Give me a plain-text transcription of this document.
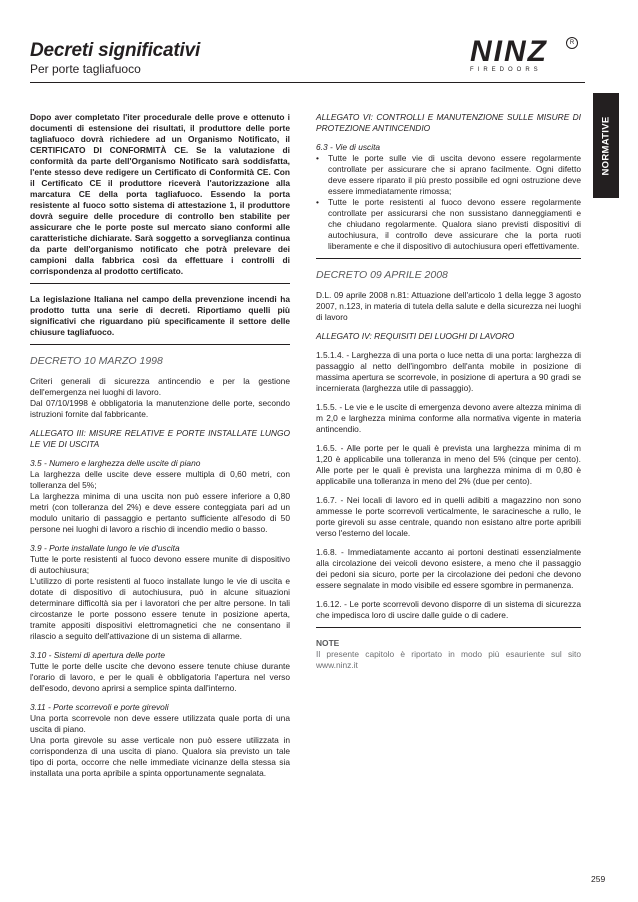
Decreti significativi
Per porte tagliafuoco
NINZ	R
FIREDOORS
NORMATIVE

Dopo aver completato l'iter procedurale delle prove e ottenuto i documenti di estensione dei risultati, il produttore delle porte tagliafuoco dovrà richiedere ad un Organismo Notificato, il CERTIFICATO DI CONFORMITÀ CE. Se la valutazione di conformità da parte dell'Organismo Notificato sarà soddisfatta, l'ente stesso deve redigere un Certificato di Conformità CE. Con il Certificato CE il produttore riceverà l'autorizzazione alla marcatura CE della porta tagliafuoco. Essendo la porta resistente al fuoco sotto sistema di attestazione 1, il produttore dovrà seguire delle procedure di controllo ben stabilite per assicurare che le porte poste sul mercato siano conformi alle caratteristiche dichiarate. Sarà soggetto a sorveglianza continua da parte dell'organismo notificato che potrà prelevare dei campioni dalla fabbrica così da effettuare i controlli di corrispondenza al prodotto certificato.

La legislazione Italiana nel campo della prevenzione incendi ha prodotto tutta una serie di decreti. Riportiamo quelli più significativi che riguardano più specificamente il settore delle chiusure tagliafuoco.

DECRETO 10 MARZO 1998

Criteri generali di sicurezza antincendio e per la gestione dell'emergenza nei luoghi di lavoro.

Dal 07/10/1998 è obbligatoria la manutenzione delle porte, secondo istruzioni fornite dal fabbricante.

ALLEGATO III: MISURE RELATIVE E PORTE INSTALLATE LUNGO LE VIE DI USCITA

3.5 - Numero e larghezza delle uscite di piano

La larghezza delle uscite deve essere multipla di 0,60 metri, con tolleranza del 5%;

La larghezza minima di una uscita non può essere inferiore a 0,80 metri (con tolleranza del 2%) e deve essere conteggiata pari ad un modulo unitario di passaggio e pertanto sufficiente all'esodo di 50 persone nei luoghi di lavoro a rischio di incendio medio o basso.

3.9 - Porte installate lungo le vie d'uscita

Tutte le porte resistenti al fuoco devono essere munite di dispositivo di autochiusura;

L'utilizzo di porte resistenti al fuoco installate lungo le vie di uscita e dotate di dispositivo di autochiusura, può in alcune situazioni determinare difficoltà sia per i lavoratori che per altre persone. In tali circostanze le porte possono essere tenute in posizione aperta, tramite appositi dispositivi elettromagnetici che ne consentano il rilascio a seguito dell'attivazione di un sistema di allarme.

3.10 - Sistemi di apertura delle porte

Tutte le porte delle uscite che devono essere tenute chiuse durante l'orario di lavoro, e per le quali è obbligatoria l'apertura nel verso dell'esodo, devono aprirsi a semplice spinta dall'interno.

3.11 - Porte scorrevoli e porte girevoli

Una porta scorrevole non deve essere utilizzata quale porta di una uscita di piano.

Una porta girevole su asse verticale non può essere utilizzata in corrispondenza di una uscita di piano. Qualora sia previsto un tale tipo di porta, occorre che nelle immediate vicinanze della stessa sia installata una porta apribile a spinta opportunamente segnalata.

ALLEGATO VI: CONTROLLI E MANUTENZIONE SULLE MISURE DI PROTEZIONE ANTINCENDIO

6.3 - Vie di uscita

•	Tutte le porte sulle vie di uscita devono essere regolarmente controllate per assicurare che si aprano facilmente. Ogni difetto deve essere riparato il più presto possibile ed ogni ostruzione deve essere immediatamente rimossa;
•	Tutte le porte resistenti al fuoco devono essere regolarmente controllate per assicurarsi che non sussistano danneggiamenti e che chiudano regolarmente. Qualora siano previsti dispositivi di autochiusura, il controllo deve assicurare che la porta ruoti liberamente e che il dispositivo di autochiusura operi effettivamente.

DECRETO 09 APRILE 2008

D.L. 09 aprile 2008 n.81: Attuazione dell'articolo 1 della legge 3 agosto 2007, n.123, in materia di tutela della salute e della sicurezza nei luoghi di lavoro

ALLEGATO IV: REQUISITI DEI LUOGHI DI LAVORO

1.5.1.4. - Larghezza di una porta o luce netta di una porta: larghezza di passaggio al netto dell'ingombro dell'anta mobile in posizione di massima apertura se scorrevole, in posizione di apertura a 90 gradi se incernierata (larghezza utile di passaggio).

1.5.5. - Le vie e le uscite di emergenza devono avere altezza minima di m 2,0 e larghezza minima conforme alla normativa vigente in materia antincendio.

1.6.5. - Alle porte per le quali è prevista una larghezza minima di m 1,20 è applicabile una tolleranza in meno del 5% (cinque per cento). Alle porte per le quali è prevista una larghezza minima di m 0,80 è applicabile una tolleranza in meno del 2% (due per cento).

1.6.7. - Nei locali di lavoro ed in quelli adibiti a magazzino non sono ammesse le porte scorrevoli verticalmente, le saracinesche a rullo, le porte girevoli su asse centrale, quando non esistano altre porte apribili verso l'esterno del locale.

1.6.8. - Immediatamente accanto ai portoni destinati essenzialmente alla circolazione dei veicoli devono esistere, a meno che il passaggio dei pedoni sia sicuro, porte per la circolazione dei pedoni che devono essere segnalate in modo visibile ed essere sgombre in permanenza.

1.6.12. - Le porte scorrevoli devono disporre di un sistema di sicurezza che impedisca loro di uscire dalle guide o di cadere.

NOTE

Il presente capitolo è riportato in modo più esauriente sul sito www.ninz.it

259
